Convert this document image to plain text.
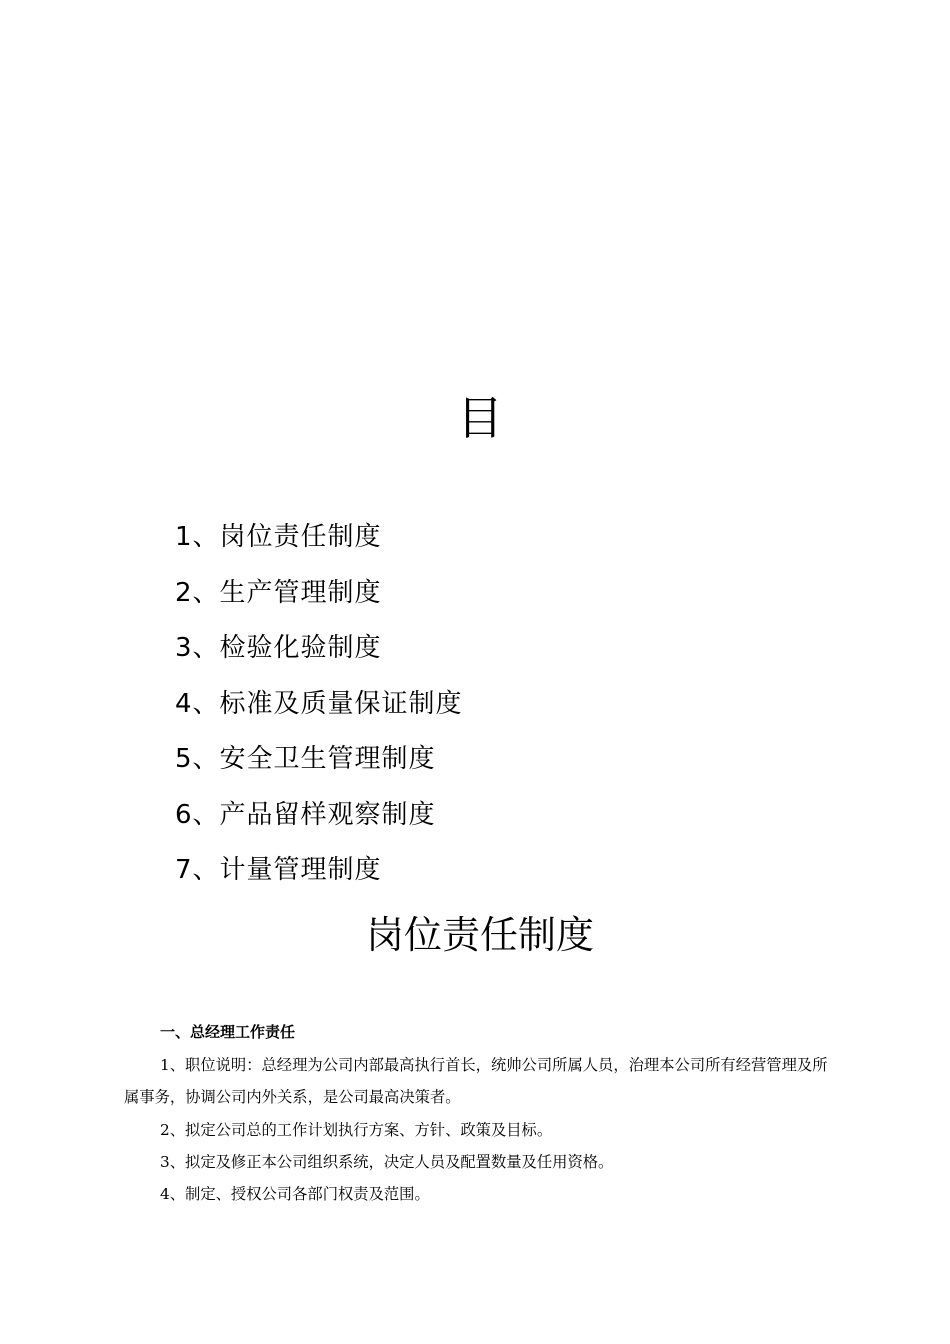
目
1、岗位责任制度
2、生产管理制度
3、检验化验制度
4、标准及质量保证制度
5、安全卫生管理制度
6、产品留样观察制度
7、计量管理制度
岗位责任制度
一、总经理工作责任

1、职位说明：总经理为公司内部最高执行首长，统帅公司所属人员，治理本公司所有经营管理及所属事务，协调公司内外关系，是公司最高决策者。

2、拟定公司总的工作计划执行方案、方针、政策及目标。

3、拟定及修正本公司组织系统，决定人员及配置数量及任用资格。

4、制定、授权公司各部门权责及范围。
